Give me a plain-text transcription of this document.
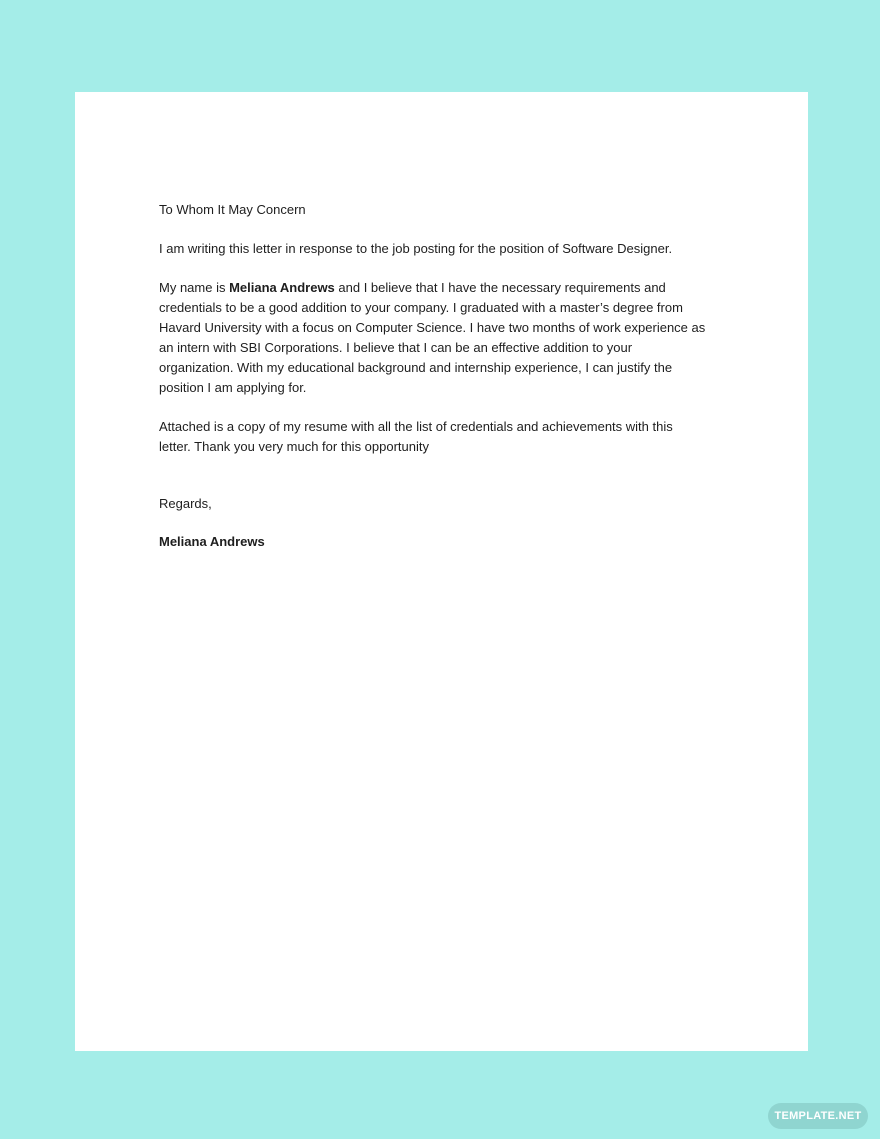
To Whom It May Concern

I am writing this letter in response to the job posting for the position of Software Designer.

My name is Meliana Andrews and I believe that I have the necessary requirements and
credentials to be a good addition to your company. I graduated with a master’s degree from
Havard University with a focus on Computer Science. I have two months of work experience as
an intern with SBI Corporations. I believe that I can be an effective addition to your
organization. With my educational background and internship experience, I can justify the
position I am applying for.

Attached is a copy of my resume with all the list of credentials and achievements with this
letter. Thank you very much for this opportunity

Regards,

Meliana Andrews

TEMPLATE.NET
